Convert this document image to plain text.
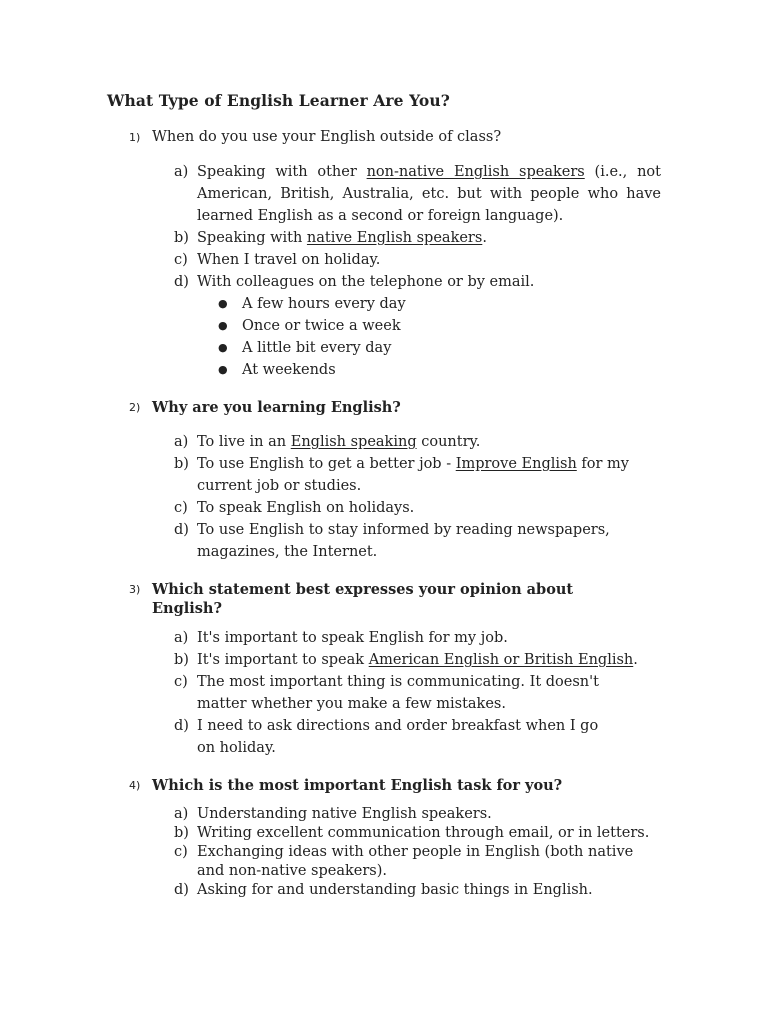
What Type of English Learner Are You?
1) When do you use your English outside of class?
a) Speaking with other non-native English speakers (i.e., not American, British, Australia, etc. but with people who have learned English as a second or foreign language).
b) Speaking with native English speakers.
c) When I travel on holiday.
d) With colleagues on the telephone or by email.
● A few hours every day
● Once or twice a week
● A little bit every day
● At weekends
2) Why are you learning English?
a) To live in an English speaking country.
b) To use English to get a better job - Improve English for my current job or studies.
c) To speak English on holidays.
d) To use English to stay informed by reading newspapers, magazines, the Internet.
3) Which statement best expresses your opinion about English?
a) It's important to speak English for my job.
b) It's important to speak American English or British English.
c) The most important thing is communicating. It doesn't matter whether you make a few mistakes.
d) I need to ask directions and order breakfast when I go on holiday.
4) Which is the most important English task for you?
a) Understanding native English speakers.
b) Writing excellent communication through email, or in letters.
c) Exchanging ideas with other people in English (both native and non-native speakers).
d) Asking for and understanding basic things in English.
